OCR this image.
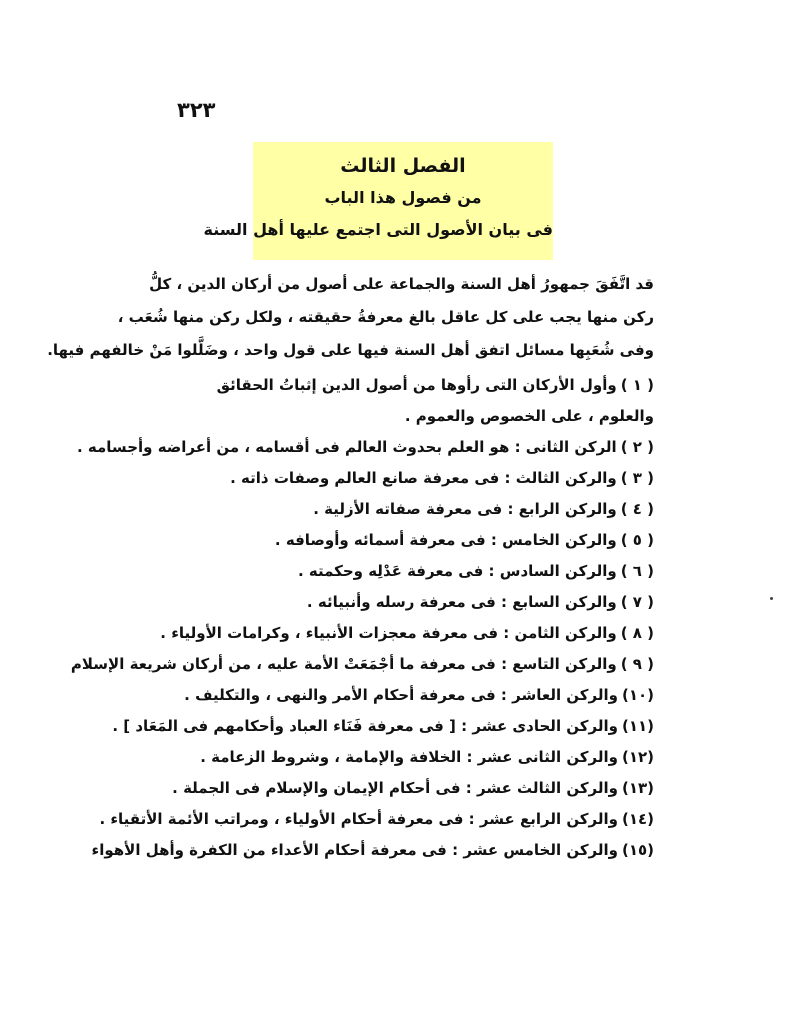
٣٢٣
الفصل الثالث
من فصول هذا الباب
فى بيان الأصول التى اجتمع عليها أهل السنة
قد اتَّفَقَ جمهورُ أهل السنة والجماعة على أصول من أركان الدين ، كلُّ
ركن منها يجب على كل عاقل بالغ معرفةُ حقيقته ، ولكل ركن منها شُعَب ،
وفى شُعَبِها مسائل اتفق أهل السنة فيها على قول واحد ، وضَلَّلوا مَنْ خالفهم فيها.
( ١ )وأول الأركان التى رأوها من أصول الدين إثباتُ الحقائق والعلوم ، على الخصوص والعموم .
( ٢ )الركن الثانى : هو العلم بحدوث العالم فى أقسامه ، من أعراضه وأجسامه .
( ٣ )والركن الثالث : فى معرفة صانع العالم وصفات ذاته .
( ٤ )والركن الرابع : فى معرفة صفاته الأزلية .
( ٥ )والركن الخامس : فى معرفة أسمائه وأوصافه .
( ٦ )والركن السادس : فى معرفة عَدْلِه وحكمته .
( ٧ )والركن السابع : فى معرفة رسله وأنبيائه .
( ٨ )والركن الثامن : فى معرفة معجزات الأنبياء ، وكرامات الأولياء .
( ٩ )والركن التاسع : فى معرفة ما أجْمَعَتْ الأمة عليه ، من أركان شريعة الإسلام
(١٠)والركن العاشر : فى معرفة أحكام الأمر والنهى ، والتكليف .
(١١)والركن الحادى عشر : [ فى معرفة فَنَاء العباد وأحكامهم فى المَعَاد ] .
(١٢)والركن الثانى عشر : الخلافة والإمامة ، وشروط الزعامة .
(١٣)والركن الثالث عشر : فى أحكام الإيمان والإسلام فى الجملة .
(١٤)والركن الرابع عشر : فى معرفة أحكام الأولياء ، ومراتب الأئمة الأتقياء .
(١٥)والركن الخامس عشر : فى معرفة أحكام الأعداء من الكفرة وأهل الأهواء
